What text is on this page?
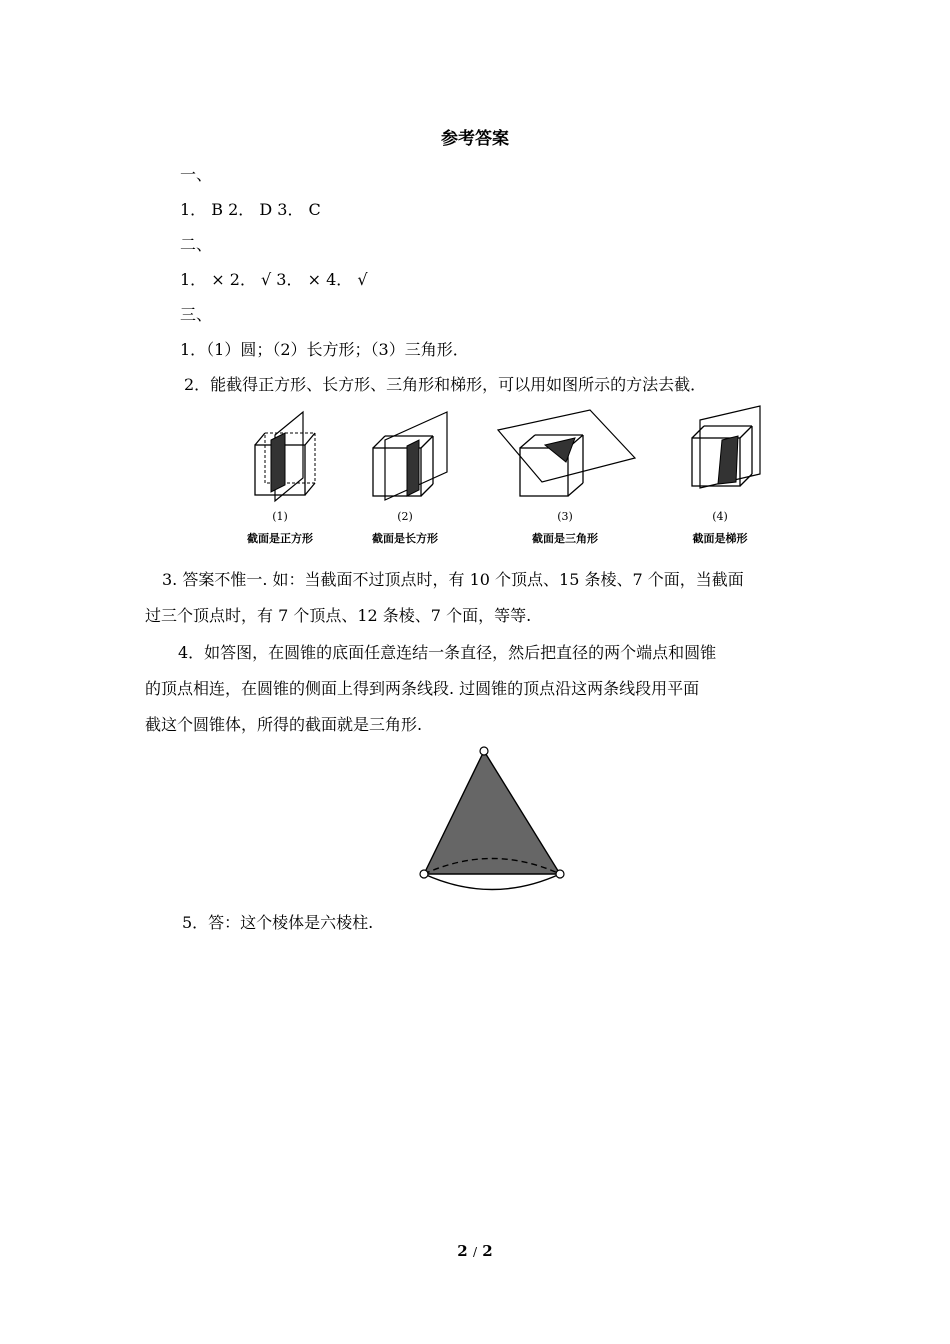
参考答案
一、
1． B 2． D 3． C
二、
1． × 2． √ 3． × 4． √
三、
1．（1）圆；（2）长方形；（3）三角形．
2．能截得正方形、长方形、三角形和梯形，可以用如图所示的方法去截．
(1)
截面是正方形
(2)
截面是长方形
(3)
截面是三角形
(4)
截面是梯形
3. 答案不惟一. 如：当截面不过顶点时，有 10 个顶点、15 条棱、7 个面，当截面
过三个顶点时，有 7 个顶点、12 条棱、7 个面，等等.
4．如答图，在圆锥的底面任意连结一条直径，然后把直径的两个端点和圆锥
的顶点相连，在圆锥的侧面上得到两条线段. 过圆锥的顶点沿这两条线段用平面
截这个圆锥体，所得的截面就是三角形.
5．答：这个棱体是六棱柱.
2 / 2
